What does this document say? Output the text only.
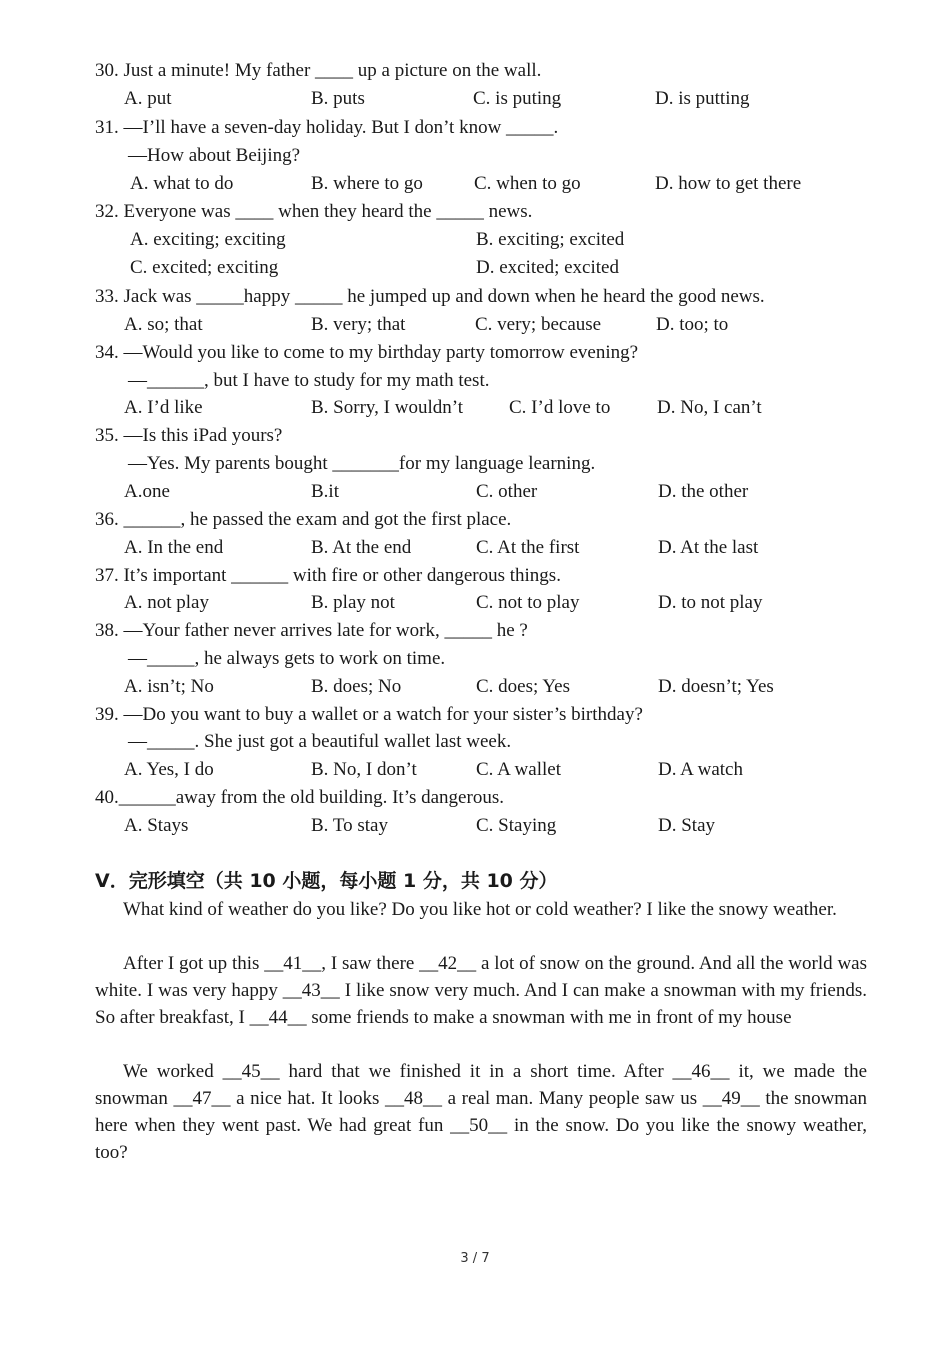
30. Just a minute! My father ____ up a picture on the wall.
A. put	B. puts	C. is puting	D. is putting
31. —I’ll have a seven-day holiday. But I don’t know _____.
—How about Beijing?
A. what to do	B. where to go	C. when to go	D. how to get there
32. Everyone was ____ when they heard the _____ news.
A. exciting; exciting	B. exciting; excited
C. excited; exciting	D. excited; excited
33. Jack was _____happy _____ he jumped up and down when he heard the good news.
A. so; that	B. very; that	C. very; because	D. too; to
34. —Would you like to come to my birthday party tomorrow evening?
—______, but I have to study for my math test.
A. I’d like	B. Sorry, I wouldn’t C. I’d love to D. No, I can’t
35. —Is this iPad yours?
—Yes. My parents bought _______for my language learning.
A.one	B.it	C. other	D. the other
36. ______, he passed the exam and got the first place.
A. In the end	B. At the end	C. At the first	D. At the last
37. It’s important ______ with fire or other dangerous things.
A. not play	B. play not	C. not to play	D. to not play
38. —Your father never arrives late for work, _____ he ?
—_____, he always gets to work on time.
A. isn’t; No	B. does; No	C. does; Yes	D. doesn’t; Yes
39. —Do you want to buy a wallet or a watch for your sister’s birthday?
—_____. She just got a beautiful wallet last week.
A. Yes, I do	B. No, I don’t	C. A wallet	D. A watch
40.______away from the old building. It’s dangerous.
A. Stays	B. To stay	C. Staying	D. Stay
V．完形填空（共 10 小题，每小题 1 分，共 10 分）
What kind of weather do you like? Do you like hot or cold weather? I like the snowy weather.
After I got up this __41__, I saw there __42__ a lot of snow on the ground. And all the world was white. I was very happy __43__ I like snow very much. And I can make a snowman with my friends. So after breakfast, I __44__ some friends to make a snowman with me in front of my house
We worked __45__ hard that we finished it in a short time. After __46__ it, we made the snowman __47__ a nice hat. It looks __48__ a real man. Many people saw us __49__ the snowman here when they went past. We had great fun __50__ in the snow. Do you like the snowy weather, too?
3 / 7
